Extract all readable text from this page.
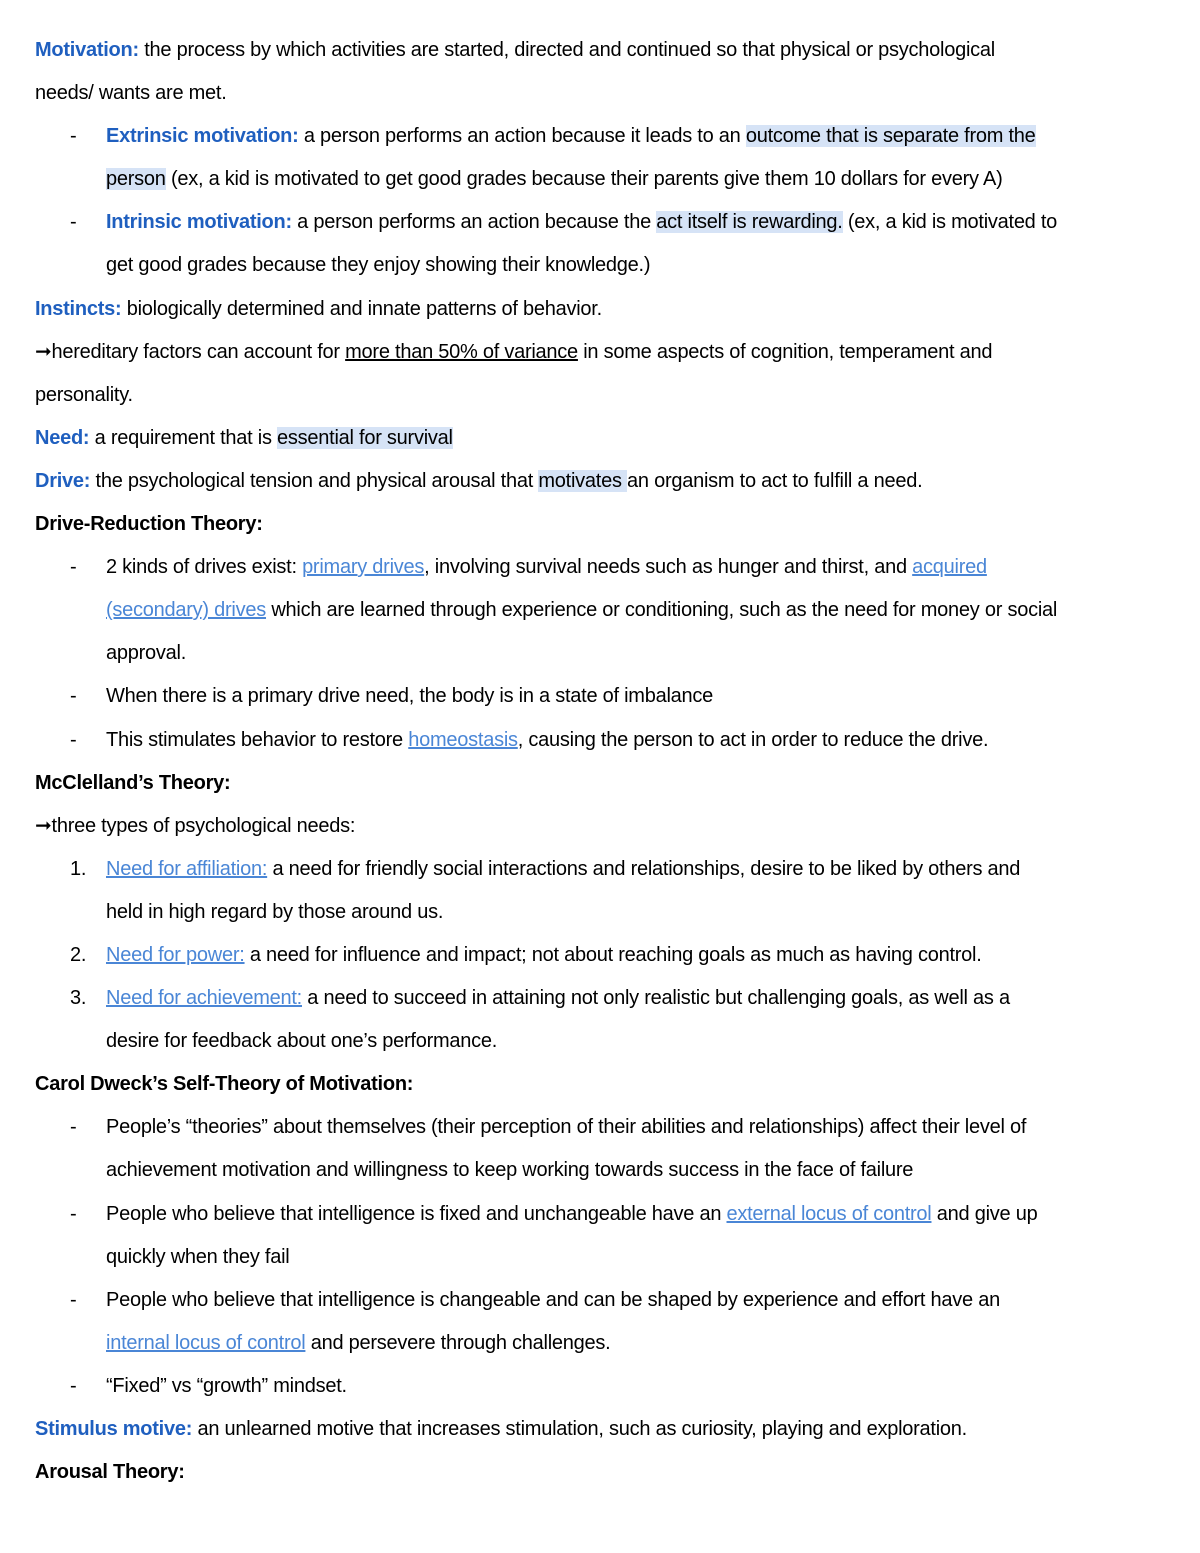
Motivation: the process by which activities are started, directed and continued so that physical or psychological
needs/ wants are met.
- Extrinsic motivation: a person performs an action because it leads to an outcome that is separate from the
person (ex, a kid is motivated to get good grades because their parents give them 10 dollars for every A)
- Intrinsic motivation: a person performs an action because the act itself is rewarding. (ex, a kid is motivated to
get good grades because they enjoy showing their knowledge.)
Instincts: biologically determined and innate patterns of behavior.
➞hereditary factors can account for more than 50% of variance in some aspects of cognition, temperament and
personality.
Need: a requirement that is essential for survival
Drive: the psychological tension and physical arousal that motivates an organism to act to fulfill a need.
Drive-Reduction Theory:
- 2 kinds of drives exist: primary drives, involving survival needs such as hunger and thirst, and acquired
(secondary) drives which are learned through experience or conditioning, such as the need for money or social
approval.
- When there is a primary drive need, the body is in a state of imbalance
- This stimulates behavior to restore homeostasis, causing the person to act in order to reduce the drive.
McClelland’s Theory:
➞three types of psychological needs:
1. Need for affiliation: a need for friendly social interactions and relationships, desire to be liked by others and
held in high regard by those around us.
2. Need for power: a need for influence and impact; not about reaching goals as much as having control.
3. Need for achievement: a need to succeed in attaining not only realistic but challenging goals, as well as a
desire for feedback about one’s performance.
Carol Dweck’s Self-Theory of Motivation:
- People’s “theories” about themselves (their perception of their abilities and relationships) affect their level of
achievement motivation and willingness to keep working towards success in the face of failure
- People who believe that intelligence is fixed and unchangeable have an external locus of control and give up
quickly when they fail
- People who believe that intelligence is changeable and can be shaped by experience and effort have an
internal locus of control and persevere through challenges.
- “Fixed” vs “growth” mindset.
Stimulus motive: an unlearned motive that increases stimulation, such as curiosity, playing and exploration.
Arousal Theory:
